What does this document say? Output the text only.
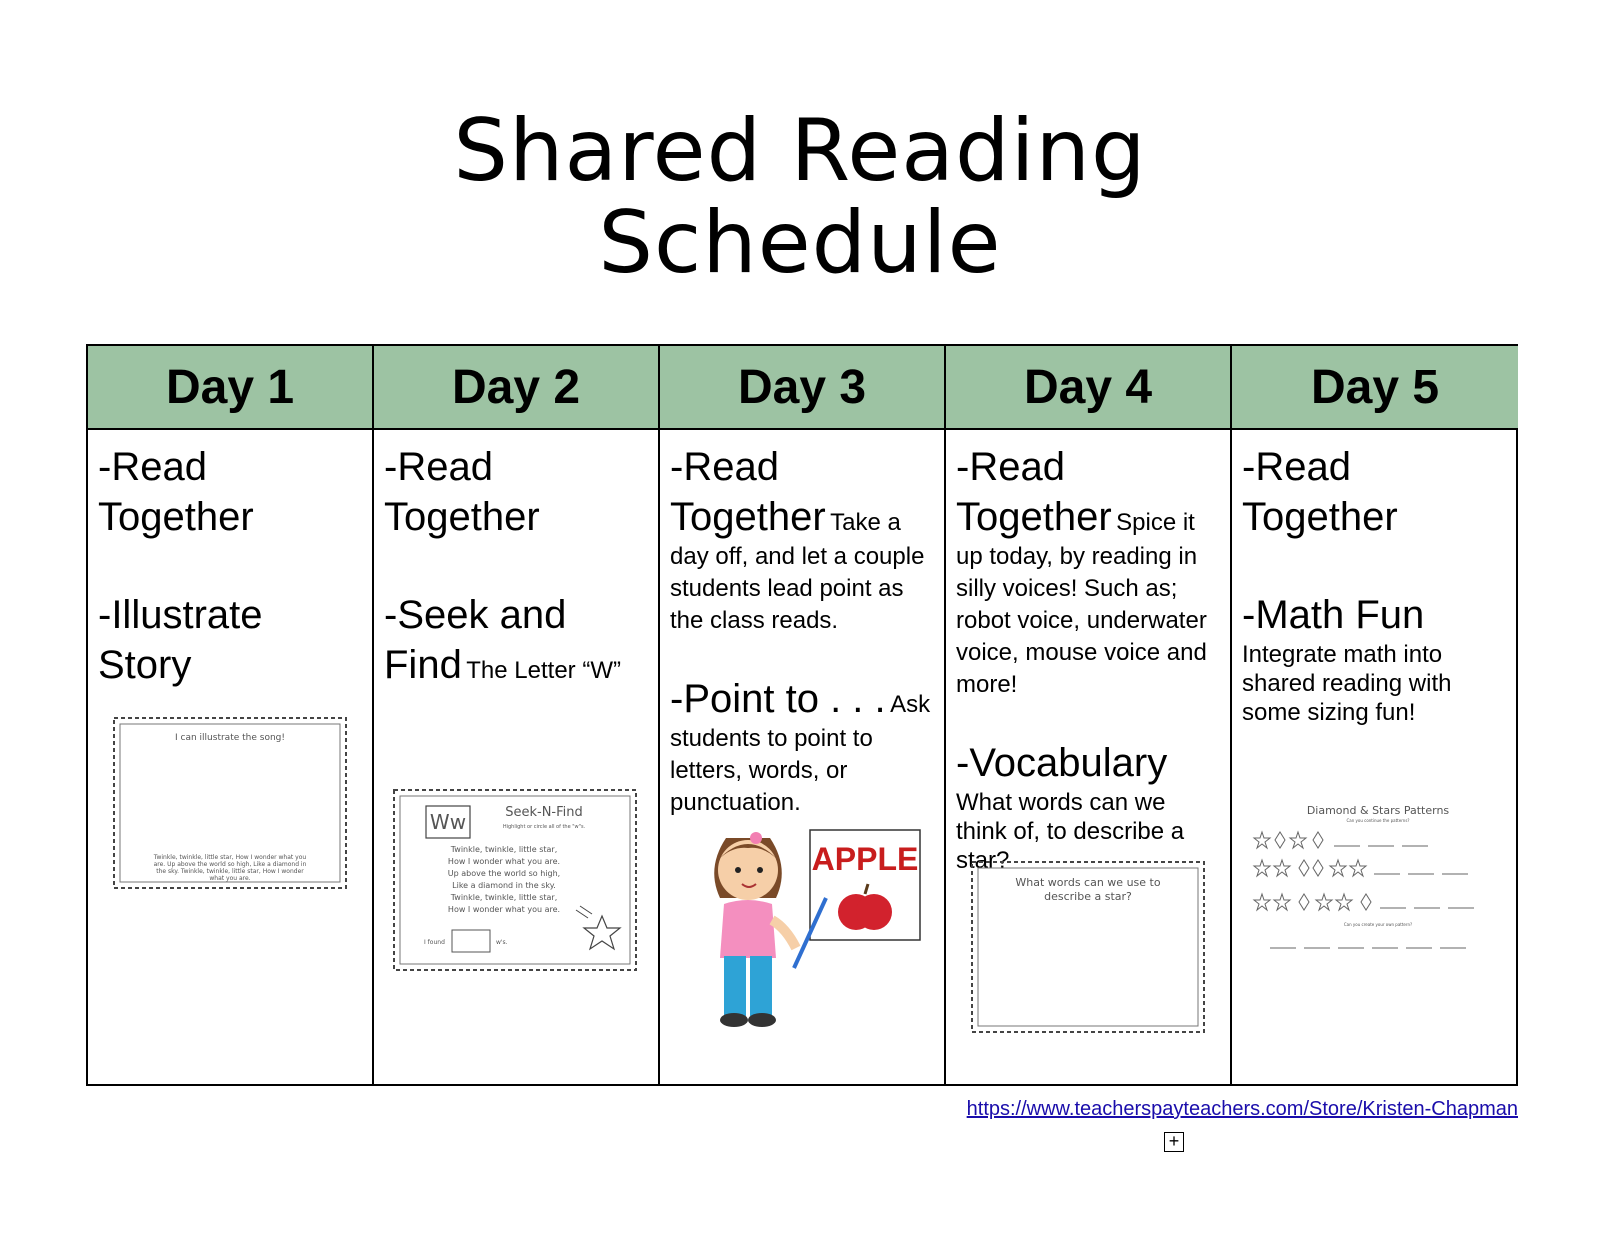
Shared Reading
Schedule
Day 1
-Read Together
-Illustrate Story
I can illustrate the song!
Twinkle, twinkle, little star, How I wonder what you are. Up above the world so high, Like a diamond in the sky. Twinkle, twinkle, little star, How I wonder what you are.
Day 2
-Read Together
-Seek and
Find The Letter “W”
Ww	Seek-N-Find
Highlight or circle all of the "w"s.
Twinkle, twinkle, little star,
How I wonder what you are.
Up above the world so high,
Like a diamond in the sky.
Twinkle, twinkle, little star,
How I wonder what you are.
I found	w's.
Day 3
-Read
Together Take a day off, and let a couple students lead point as the class reads.
-Point to . . . Ask students to point to letters, words, or punctuation.
APPLE
Day 4
-Read
Together Spice it up today, by reading in silly voices! Such as; robot voice, underwater voice, mouse voice and more!
-Vocabulary
What words can we think of, to describe a star?
What words can we use to describe a star?
Day 5
-Read Together
-Math Fun
Integrate math into shared reading with some sizing fun!
Diamond & Stars Patterns
Can you continue the patterns?
Can you create your own pattern?
https://www.teacherspayteachers.com/Store/Kristen-Chapman
+
